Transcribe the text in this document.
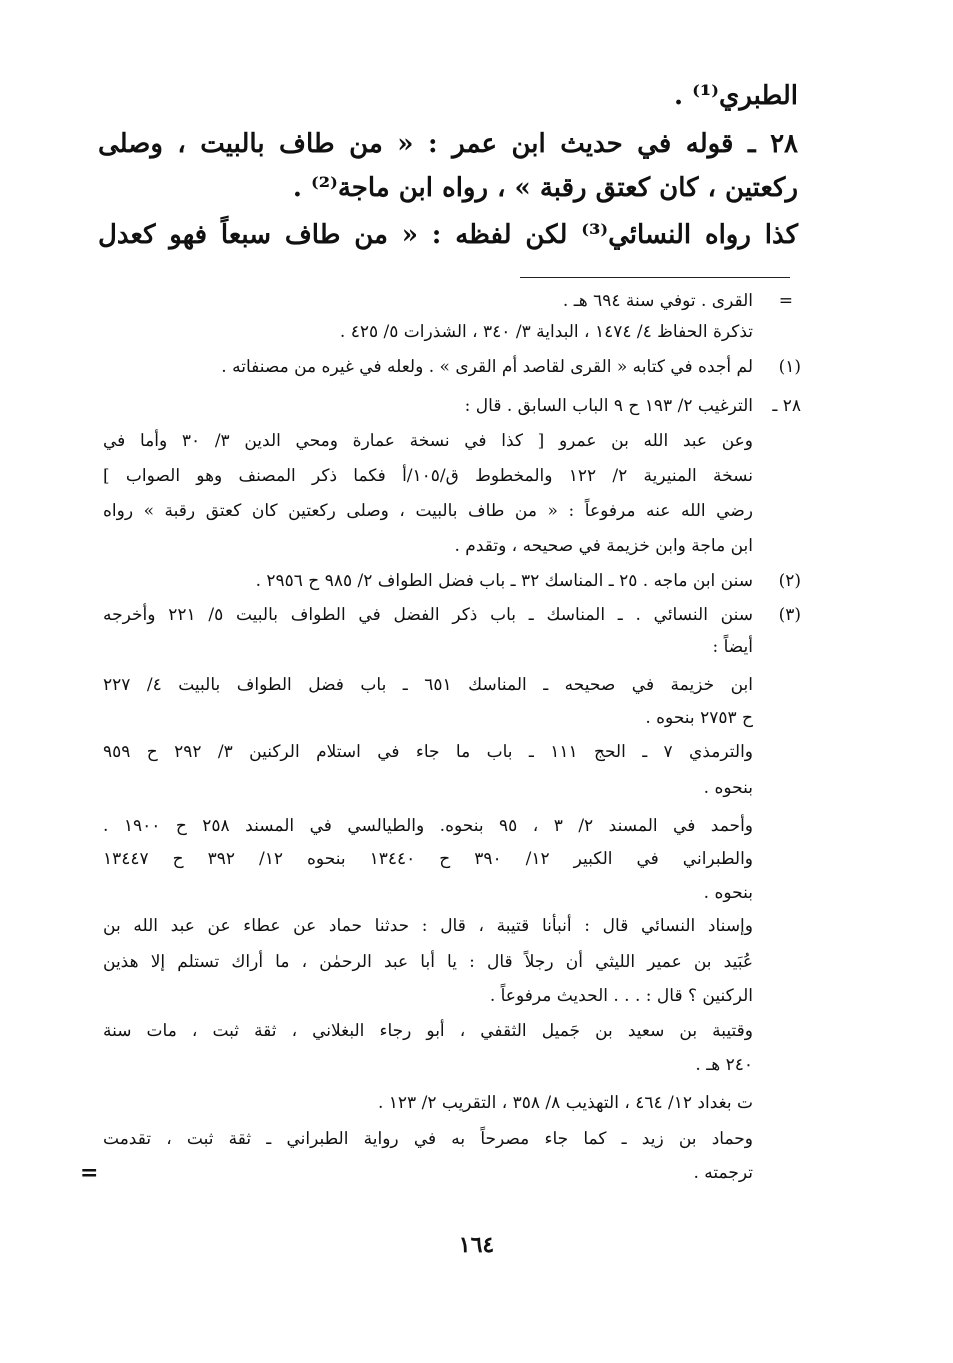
الطبري⁽¹⁾ .
٢٨ ـ قوله في حديث ابن عمر : « من طاف بالبيت ، وصلى
ركعتين ، كان كعتق رقبة » ، رواه ابن ماجة⁽²⁾ .
كذا رواه النسائي⁽³⁾ لكن لفظه : « من طاف سبعاً فهو كعدل
=
القرى . توفي سنة ٦٩٤ هـ .
تذكرة الحفاظ ٤/ ١٤٧٤ ، البداية ٣/ ٣٤٠ ، الشذرات ٥/ ٤٢٥ .
(١)
لم أجده في كتابه « القرى لقاصد أم القرى » . ولعله في غيره من مصنفاته .
٢٨ ـ
الترغيب ٢/ ١٩٣ ح ٩ الباب السابق . قال :
وعن عبد الله بن عمرو [ كذا في نسخة عمارة ومحي الدين ٣/ ٣٠ وأما في
نسخة المنيرية ٢/ ١٢٢ والمخطوط ق/١٠٥/أ فكما ذكر المصنف وهو الصواب ]
رضي الله عنه مرفوعاً : « من طاف بالبيت ، وصلى ركعتين كان كعتق رقبة » رواه
ابن ماجة وابن خزيمة في صحيحه ، وتقدم .
(٢)
سنن ابن ماجه . ٢٥ ـ المناسك ٣٢ ـ باب فضل الطواف ٢/ ٩٨٥ ح ٢٩٥٦ .
(٣)
سنن النسائي . ـ المناسك ـ باب ذكر الفضل في الطواف بالبيت ٥/ ٢٢١ وأخرجه
أيضاً :
ابن خزيمة في صحيحه ـ المناسك ٦٥١ ـ باب فضل الطواف بالبيت ٤/ ٢٢٧
ح ٢٧٥٣ بنحوه .
والترمذي ٧ ـ الحج ١١١ ـ باب ما جاء في استلام الركنين ٣/ ٢٩٢ ح ٩٥٩
بنحوه .
وأحمد في المسند ٢/ ٣ ، ٩٥ بنحوه. والطيالسي في المسند ٢٥٨ ح ١٩٠٠ .
والطبراني في الكبير ١٢/ ٣٩٠ ح ١٣٤٤٠ بنحوه ١٢/ ٣٩٢ ح ١٣٤٤٧
بنحوه .
وإسناد النسائي قال : أنبأنا قتيبة ، قال : حدثنا حماد عن عطاء عن عبد الله بن
عُبَيد بن عمير الليثي أن رجلاً قال : يا أبا عبد الرحمٰن ، ما أراك تستلم إلا هذين
الركنين ؟ قال : . . . الحديث مرفوعاً .
وقتيبة بن سعيد بن جَميل الثقفي ، أبو رجاء البغلاني ، ثقة ثبت ، مات سنة
٢٤٠ هـ .
ت بغداد ١٢/ ٤٦٤ ، التهذيب ٨/ ٣٥٨ ، التقريب ٢/ ١٢٣ .
وحماد بن زيد ـ كما جاء مصرحاً به في رواية الطبراني ـ ثقة ثبت ، تقدمت
ترجمته .
=
١٦٤
